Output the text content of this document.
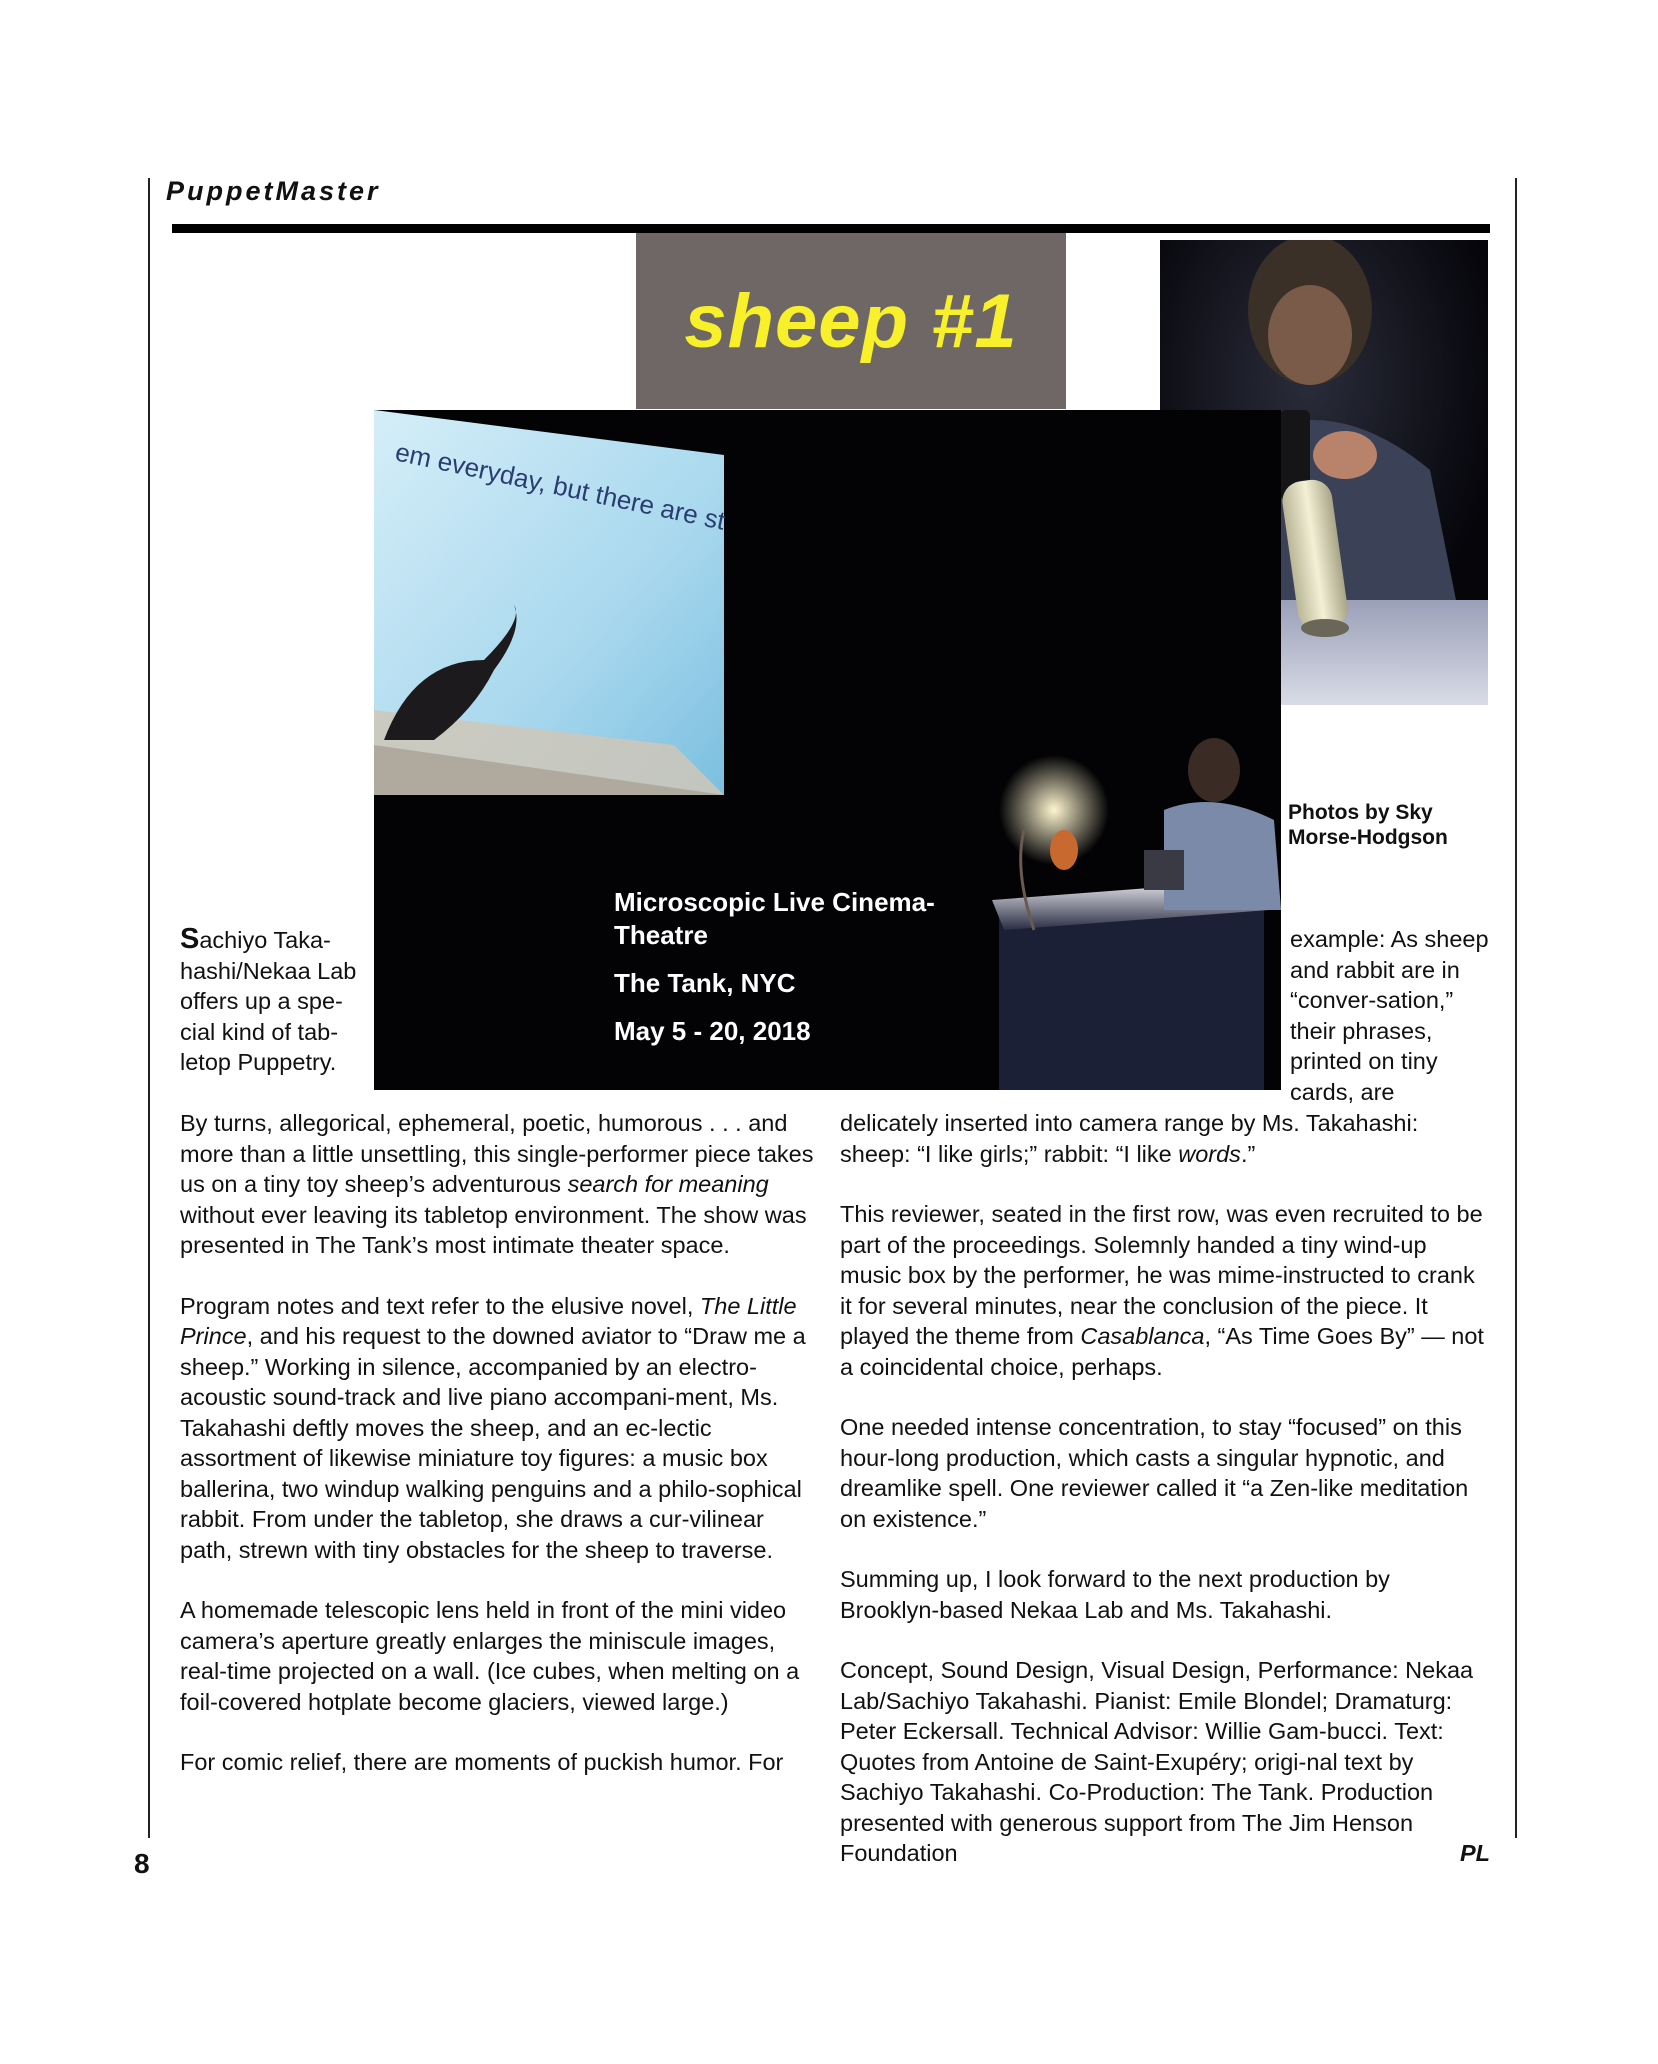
PuppetMaster
em everyday, but there are st
sheep #1
Photos by Sky
Morse-Hodgson
Microscopic Live Cinema-
Theatre
The Tank, NYC
May 5 - 20, 2018
Sachiyo Taka-hashi/Nekaa Lab offers up a spe-cial kind of tab-letop Puppetry.
example: As sheep and rabbit are in “conver-sation,” their phrases, printed on tiny cards, are

By turns, allegorical, ephemeral, poetic, humorous . . . and more than a little unsettling, this single-performer piece takes us on a tiny toy sheep’s adventurous search for meaning without ever leaving its tabletop environment. The show was presented in The Tank’s most intimate theater space.

Program notes and text refer to the elusive novel, The Little Prince, and his request to the downed aviator to “Draw me a sheep.” Working in silence, accompanied by an electro-acoustic sound-track and live piano accompani-ment, Ms. Takahashi deftly moves the sheep, and an ec-lectic assortment of likewise miniature toy figures: a music box ballerina, two windup walking penguins and a philo-sophical rabbit. From under the tabletop, she draws a cur-vilinear path, strewn with tiny obstacles for the sheep to traverse.

A homemade telescopic lens held in front of the mini video camera’s aperture greatly enlarges the miniscule images, real-time projected on a wall. (Ice cubes, when melting on a foil-covered hotplate become glaciers, viewed large.)

For comic relief, there are moments of puckish humor. For

delicately inserted into camera range by Ms. Takahashi: sheep: “I like girls;” rabbit: “I like words.”

This reviewer, seated in the first row, was even recruited to be part of the proceedings. Solemnly handed a tiny wind-up music box by the performer, he was mime-instructed to crank it for several minutes, near the conclusion of the piece. It played the theme from Casablanca, “As Time Goes By” — not a coincidental choice, perhaps.

One needed intense concentration, to stay “focused” on this hour-long production, which casts a singular hypnotic, and dreamlike spell. One reviewer called it “a Zen-like meditation on existence.”

Summing up, I look forward to the next production by Brooklyn-based Nekaa Lab and Ms. Takahashi.

Concept, Sound Design, Visual Design, Performance: Nekaa Lab/Sachiyo Takahashi. Pianist: Emile Blondel; Dramaturg: Peter Eckersall. Technical Advisor: Willie Gam-bucci. Text: Quotes from Antoine de Saint-Exupéry; origi-nal text by Sachiyo Takahashi. Co-Production: The Tank. Production presented with generous support from The Jim Henson Foundation	PL

8
